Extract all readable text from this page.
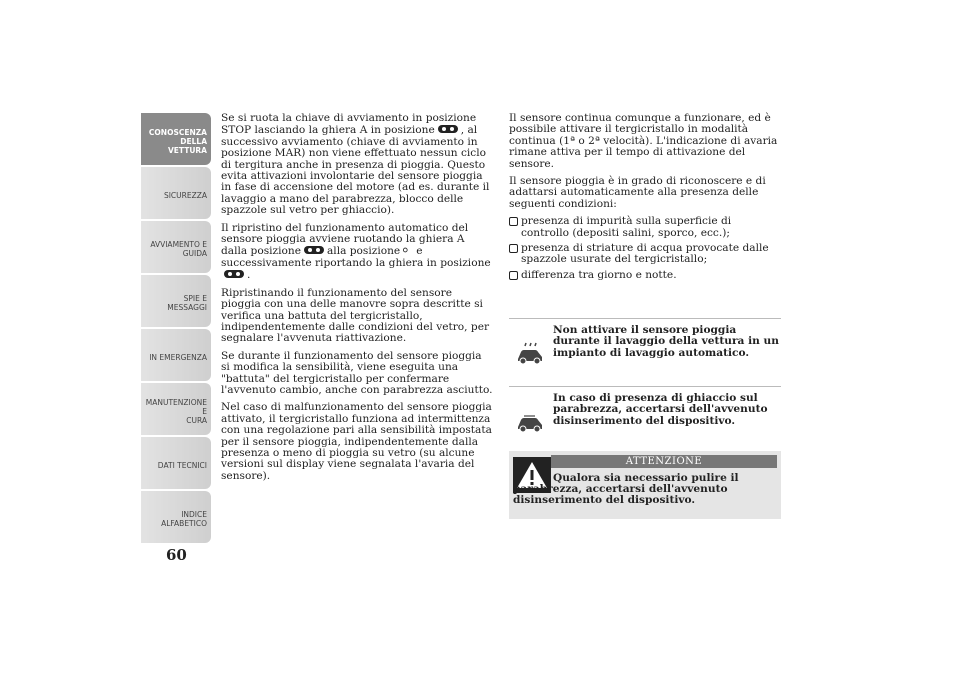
CONOSCENZA
DELLA VETTURA
SICUREZZA
AVVIAMENTO E
GUIDA
SPIE E MESSAGGI
IN EMERGENZA
MANUTENZIONE E
CURA
DATI TECNICI
INDICE
ALFABETICO
60

Se si ruota la chiave di avviamento in posizione STOP lasciando la ghiera A in posizione , al successivo avviamento (chiave di avviamento in posizione MAR) non viene effettuato nessun ciclo di tergitura anche in presenza di pioggia. Questo evita attivazioni involontarie del sensore pioggia in fase di accensione del motore (ad es. durante il lavaggio a mano del parabrezza, blocco delle spazzole sul vetro per ghiaccio).

Il ripristino del funzionamento automatico del sensore pioggia avviene ruotando la ghiera A dalla posizione alla posizione e successivamente riportando la ghiera in posizione.

Ripristinando il funzionamento del sensore pioggia con una delle manovre sopra descritte si verifica una battuta del tergicristallo, indipendentemente dalle condizioni del vetro, per segnalare l'avvenuta riattivazione.

Se durante il funzionamento del sensore pioggia si modifica la sensibilità, viene eseguita una "battuta" del tergicristallo per confermare l'avvenuto cambio, anche con parabrezza asciutto.

Nel caso di malfunzionamento del sensore pioggia attivato, il tergicristallo funziona ad intermittenza con una regolazione pari alla sensibilità impostata per il sensore pioggia, indipendentemente dalla presenza o meno di pioggia su vetro (su alcune versioni sul display viene segnalata l'avaria del sensore).

Il sensore continua comunque a funzionare, ed è possibile attivare il tergicristallo in modalità continua (1ª o 2ª velocità). L'indicazione di avaria rimane attiva per il tempo di attivazione del sensore.

Il sensore pioggia è in grado di riconoscere e di adattarsi automaticamente alla presenza delle seguenti condizioni:

presenza di impurità sulla superficie di controllo (depositi salini, sporco, ecc.);
presenza di striature di acqua provocate dalle spazzole usurate del tergicristallo;
differenza tra giorno e notte.
Non attivare il sensore pioggia durante il lavaggio della vettura in un impianto di lavaggio automatico.
In caso di presenza di ghiaccio sul parabrezza, accertarsi dell'avvenuto disinserimento del dispositivo.
ATTENZIONE
Qualora sia necessario pulire il parabrezza, accertarsi dell'avvenuto disinserimento del dispositivo.
